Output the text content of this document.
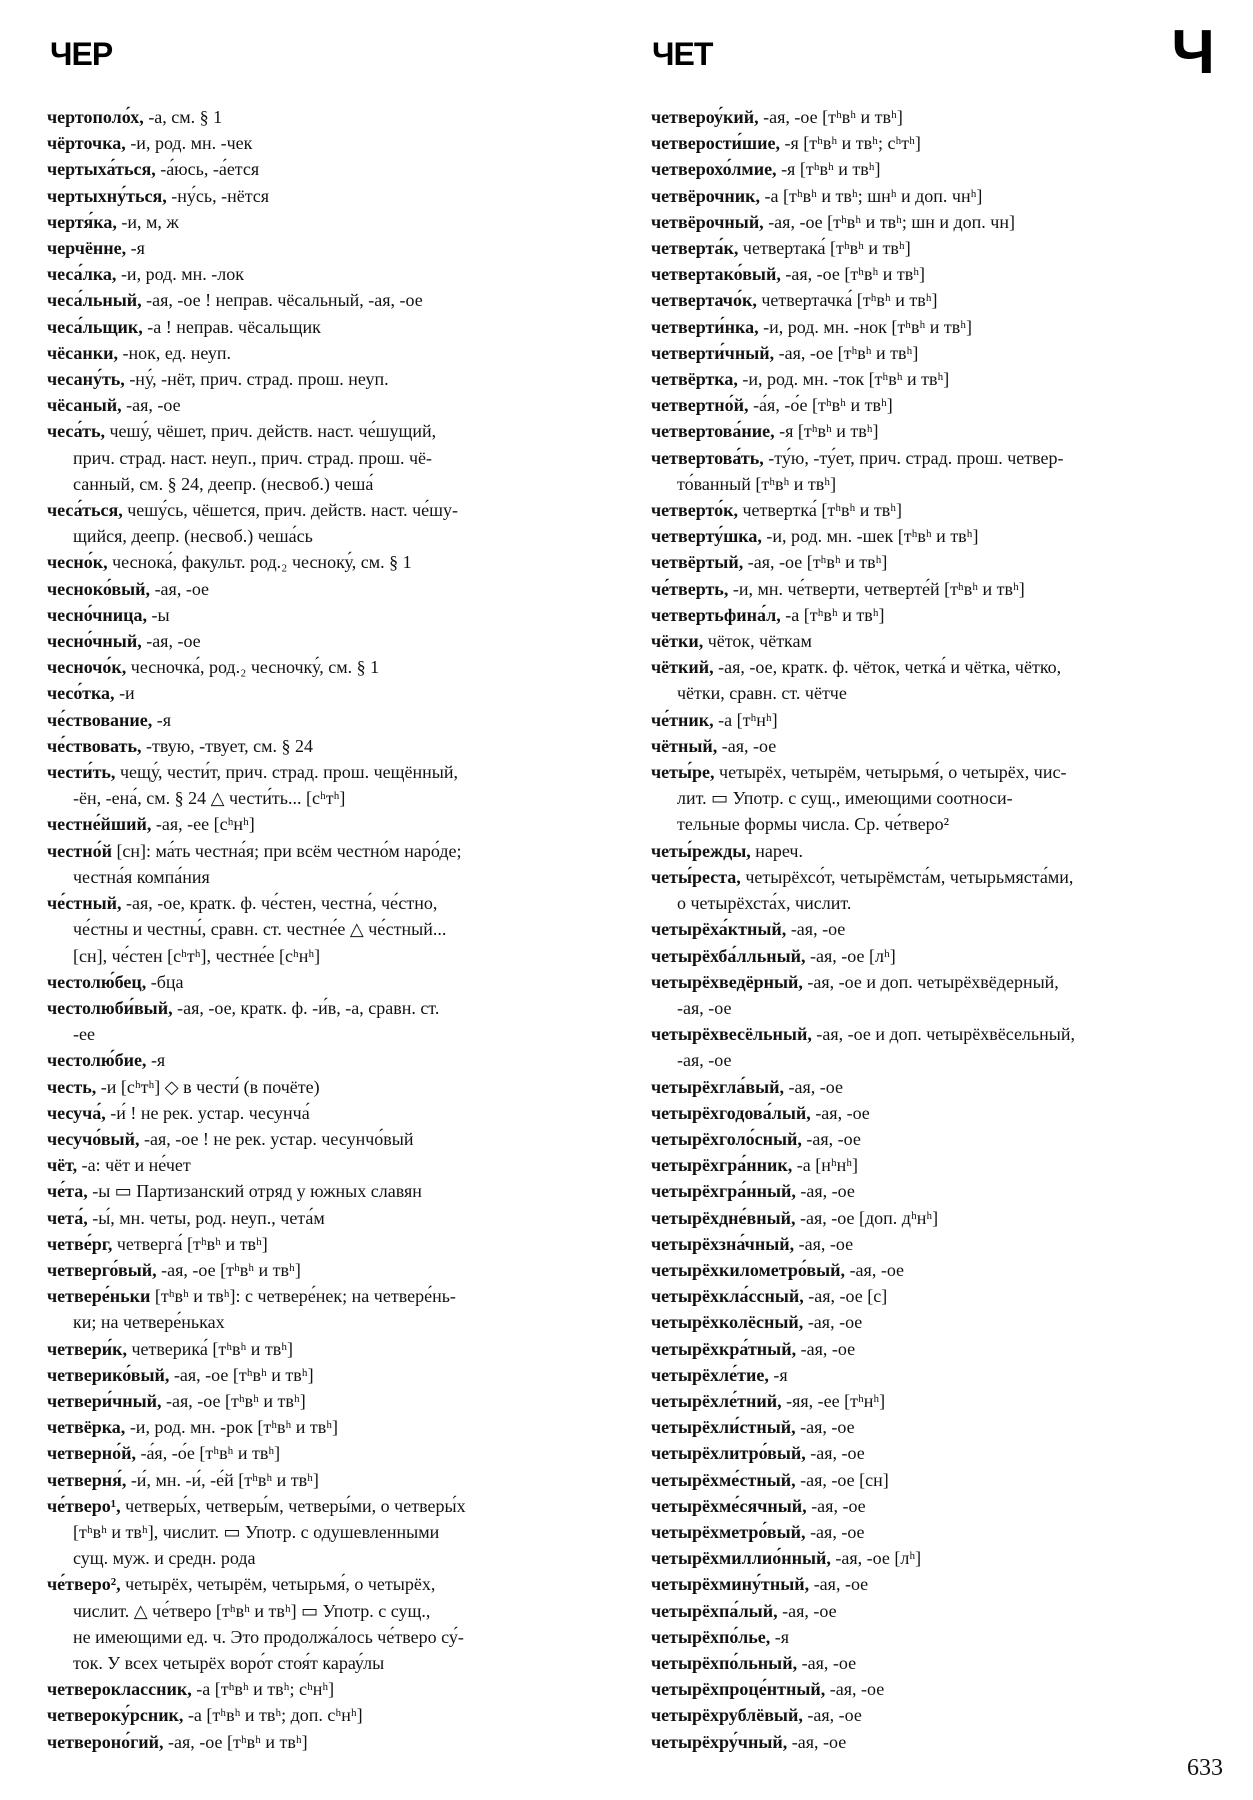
ЧЕР	ЧЕТ	Ч
чертополо́х, -а, см. § 1
чёрточка, -и, род. мн. -чек
чертыха́ться, -а́юсь, -а́ется
чертыхну́ться, -ну́сь, -нётся
чертя́ка, -и, м, ж
черчённе, -я
чеса́лка, -и, род. мн. -лок
чеса́льный, -ая, -ое ! неправ. чёсальный, -ая, -ое
чеса́льщик, -а ! неправ. чёсальщик
чёсанки, -нок, ед. неуп.
чесану́ть, -ну́, -нёт, прич. страд. прош. неуп.
чёсаный, -ая, -ое
чеса́ть, чешу́, чёшет, прич. действ. наст. че́шущий,
прич. страд. наст. неуп., прич. страд. прош. чё-
санный, см. § 24, деепр. (несвоб.) чеша́
чеса́ться, чешу́сь, чёшется, прич. действ. наст. че́шу-
щийся, деепр. (несвоб.) чеша́сь
чесно́к, чеснока́, факульт. род.₂ чесноку́, см. § 1
чесноко́вый, -ая, -ое
чесно́чница, -ы
чесно́чный, -ая, -ое
чесночо́к, чесночка́, род.₂ чесночку́, см. § 1
чесо́тка, -и
че́ствование, -я
че́ствовать, -твую, -твует, см. § 24
чести́ть, чещу́, чести́т, прич. страд. прош. чещённый,
-ён, -ена́, см. § 24 △ чести́ть... [сʰтʰ]
честне́йший, -ая, -ее [сʰнʰ]
честно́й [сн]: ма́ть честна́я; при всём честно́м наро́де;
честна́я компа́ния
че́стный, -ая, -ое, кратк. ф. че́стен, честна́, че́стно,
че́стны и честны́, сравн. ст. честне́е △ че́стный...
[сн], че́стен [сʰтʰ], честне́е [сʰнʰ]
честолю́бец, -бца
честолюби́вый, -ая, -ое, кратк. ф. -и́в, -а, сравн. ст.
-ее
честолю́бие, -я
честь, -и [сʰтʰ] ◇ в чести́ (в почёте)
чесуча́, -и́ ! не рек. устар. чесунча́
чесучо́вый, -ая, -ое ! не рек. устар. чесунчо́вый
чёт, -а: чёт и не́чет
че́та, -ы ▭ Партизанский отряд у южных славян
чета́, -ы́, мн. четы, род. неуп., чета́м
четве́рг, четверга́ [тʰвʰ и твʰ]
четверго́вый, -ая, -ое [тʰвʰ и твʰ]
четвере́ньки [тʰвʰ и твʰ]: с четвере́нек; на четвере́нь-
ки; на четвере́ньках
четвери́к, четверика́ [тʰвʰ и твʰ]
четверико́вый, -ая, -ое [тʰвʰ и твʰ]
четвери́чный, -ая, -ое [тʰвʰ и твʰ]
четвёрка, -и, род. мн. -рок [тʰвʰ и твʰ]
четверно́й, -а́я, -о́е [тʰвʰ и твʰ]
четверня́, -и́, мн. -и́, -е́й [тʰвʰ и твʰ]
че́тверо¹, четверы́х, четверы́м, четверы́ми, о четверы́х
[тʰвʰ и твʰ], числит. ▭ Употр. с одушевленными
сущ. муж. и средн. рода
че́тверо², четырёх, четырём, четырьмя́, о четырёх,
числит. △ че́тверо [тʰвʰ и твʰ] ▭ Употр. с сущ.,
не имеющими ед. ч. Это продолжа́лось че́тверо су́-
ток. У всех четырёх воро́т стоя́т карау́лы
четвероклассник, -а [тʰвʰ и твʰ; сʰнʰ]
четвероку́рсник, -а [тʰвʰ и твʰ; доп. сʰнʰ]
четвероно́гий, -ая, -ое [тʰвʰ и твʰ]
четвероу́кий, -ая, -ое [тʰвʰ и твʰ]
четверости́шие, -я [тʰвʰ и твʰ; сʰтʰ]
четверохо́лмие, -я [тʰвʰ и твʰ]
четвёрочник, -а [тʰвʰ и твʰ; шнʰ и доп. чнʰ]
четвёрочный, -ая, -ое [тʰвʰ и твʰ; шн и доп. чн]
четверта́к, четвертака́ [тʰвʰ и твʰ]
четвертако́вый, -ая, -ое [тʰвʰ и твʰ]
четвертачо́к, четвертачка́ [тʰвʰ и твʰ]
четверти́нка, -и, род. мн. -нок [тʰвʰ и твʰ]
четверти́чный, -ая, -ое [тʰвʰ и твʰ]
четвёртка, -и, род. мн. -ток [тʰвʰ и твʰ]
четвертно́й, -а́я, -о́е [тʰвʰ и твʰ]
четвертова́ние, -я [тʰвʰ и твʰ]
четвертова́ть, -ту́ю, -ту́ет, прич. страд. прош. четвер-
то́ванный [тʰвʰ и твʰ]
четверто́к, четвертка́ [тʰвʰ и твʰ]
четверту́шка, -и, род. мн. -шек [тʰвʰ и твʰ]
четвёртый, -ая, -ое [тʰвʰ и твʰ]
че́тверть, -и, мн. че́тверти, четверте́й [тʰвʰ и твʰ]
четвертьфина́л, -а [тʰвʰ и твʰ]
чётки, чёток, чёткам
чёткий, -ая, -ое, кратк. ф. чёток, четка́ и чётка, чётко,
чётки, сравн. ст. чётче
че́тник, -а [тʰнʰ]
чётный, -ая, -ое
четы́ре, четырёх, четырём, четырьмя́, о четырёх, чис-
лит. ▭ Употр. с сущ., имеющими соотноси-
тельные формы числа. Ср. че́тверо²
четы́режды, нареч.
четы́реста, четырёхсо́т, четырёмста́м, четырьмяста́ми,
о четырёхста́х, числит.
четырёха́ктный, -ая, -ое
четырёхба́лльный, -ая, -ое [лʰ]
четырёхведёрный, -ая, -ое и доп. четырёхвёдерный,
-ая, -ое
четырёхвесёльный, -ая, -ое и доп. четырёхвёсельный,
-ая, -ое
четырёхгла́вый, -ая, -ое
четырёхгодова́лый, -ая, -ое
четырёхголо́сный, -ая, -ое
четырёхгра́нник, -а [нʰнʰ]
четырёхгра́нный, -ая, -ое
четырёхдне́вный, -ая, -ое [доп. дʰнʰ]
четырёхзна́чный, -ая, -ое
четырёхкилометро́вый, -ая, -ое
четырёхкла́ссный, -ая, -ое [с]
четырёхколёсный, -ая, -ое
четырёхкра́тный, -ая, -ое
четырёхле́тие, -я
четырёхле́тний, -яя, -ее [тʰнʰ]
четырёхли́стный, -ая, -ое
четырёхлитро́вый, -ая, -ое
четырёхме́стный, -ая, -ое [сн]
четырёхме́сячный, -ая, -ое
четырёхметро́вый, -ая, -ое
четырёхмиллио́нный, -ая, -ое [лʰ]
четырёхмину́тный, -ая, -ое
четырёхпа́лый, -ая, -ое
четырёхпо́лье, -я
четырёхпо́льный, -ая, -ое
четырёхпроце́нтный, -ая, -ое
четырёхрублёвый, -ая, -ое
четырёхру́чный, -ая, -ое
633
